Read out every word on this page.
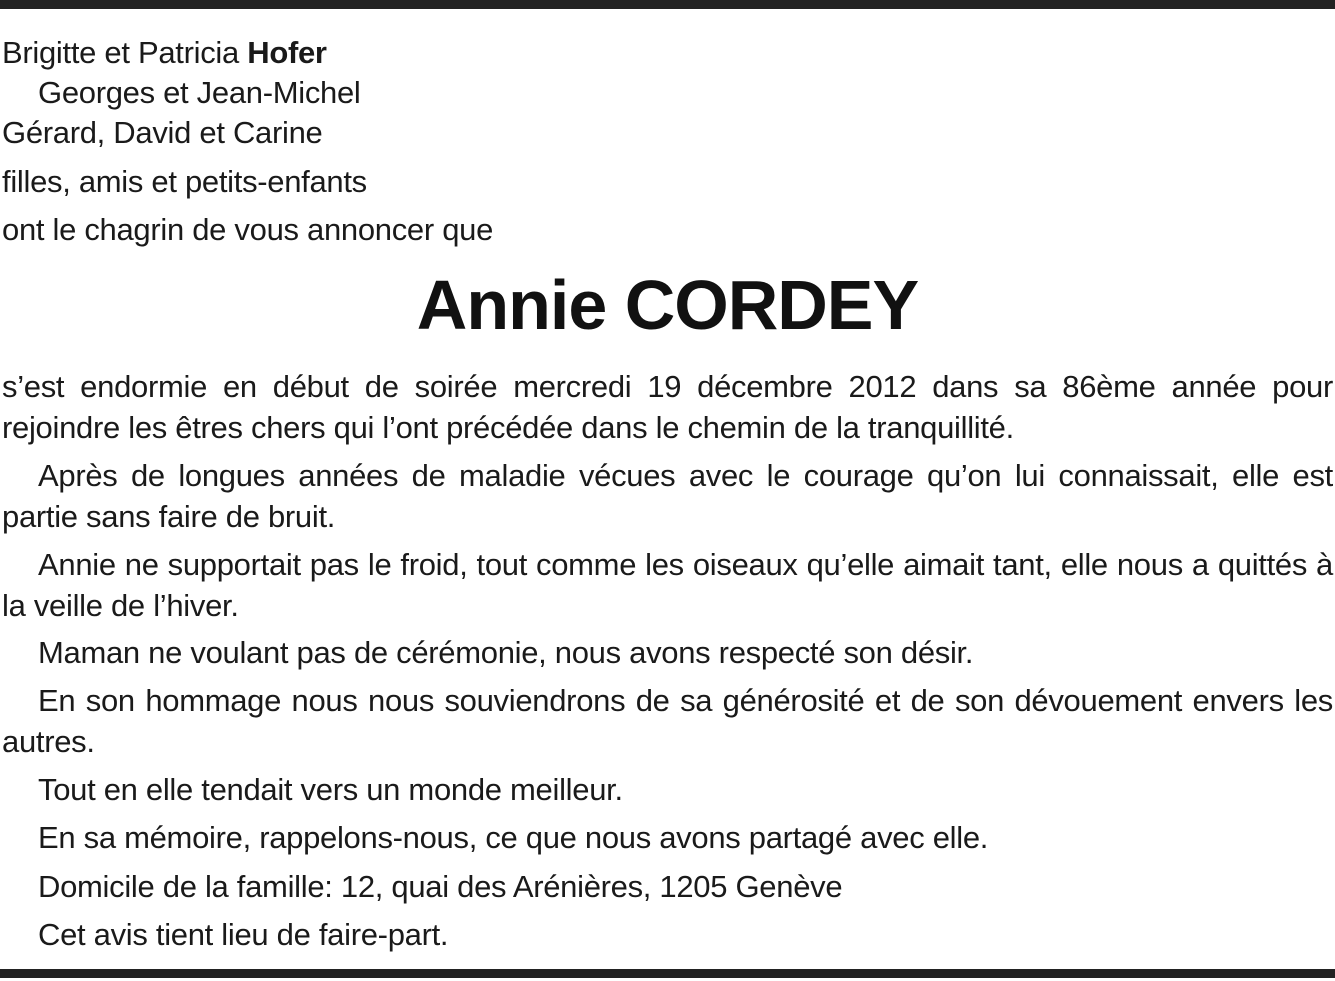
Brigitte et Patricia Hofer
Georges et Jean-Michel
Gérard, David et Carine
filles, amis et petits-enfants
ont le chagrin de vous annoncer que
Annie CORDEY

s’est endormie en début de soirée mercredi 19 décembre 2012 dans sa 86ème année pour rejoindre les êtres chers qui l’ont précédée dans le chemin de la tranquillité.

Après de longues années de maladie vécues avec le courage qu’on lui connaissait, elle est partie sans faire de bruit.

Annie ne supportait pas le froid, tout comme les oiseaux qu’elle aimait tant, elle nous a quittés à la veille de l’hiver.

Maman ne voulant pas de cérémonie, nous avons respecté son désir.

En son hommage nous nous souviendrons de sa générosité et de son dévouement envers les autres.

Tout en elle tendait vers un monde meilleur.

En sa mémoire, rappelons-nous, ce que nous avons partagé avec elle.

Domicile de la famille: 12, quai des Arénières, 1205 Genève

Cet avis tient lieu de faire-part.
